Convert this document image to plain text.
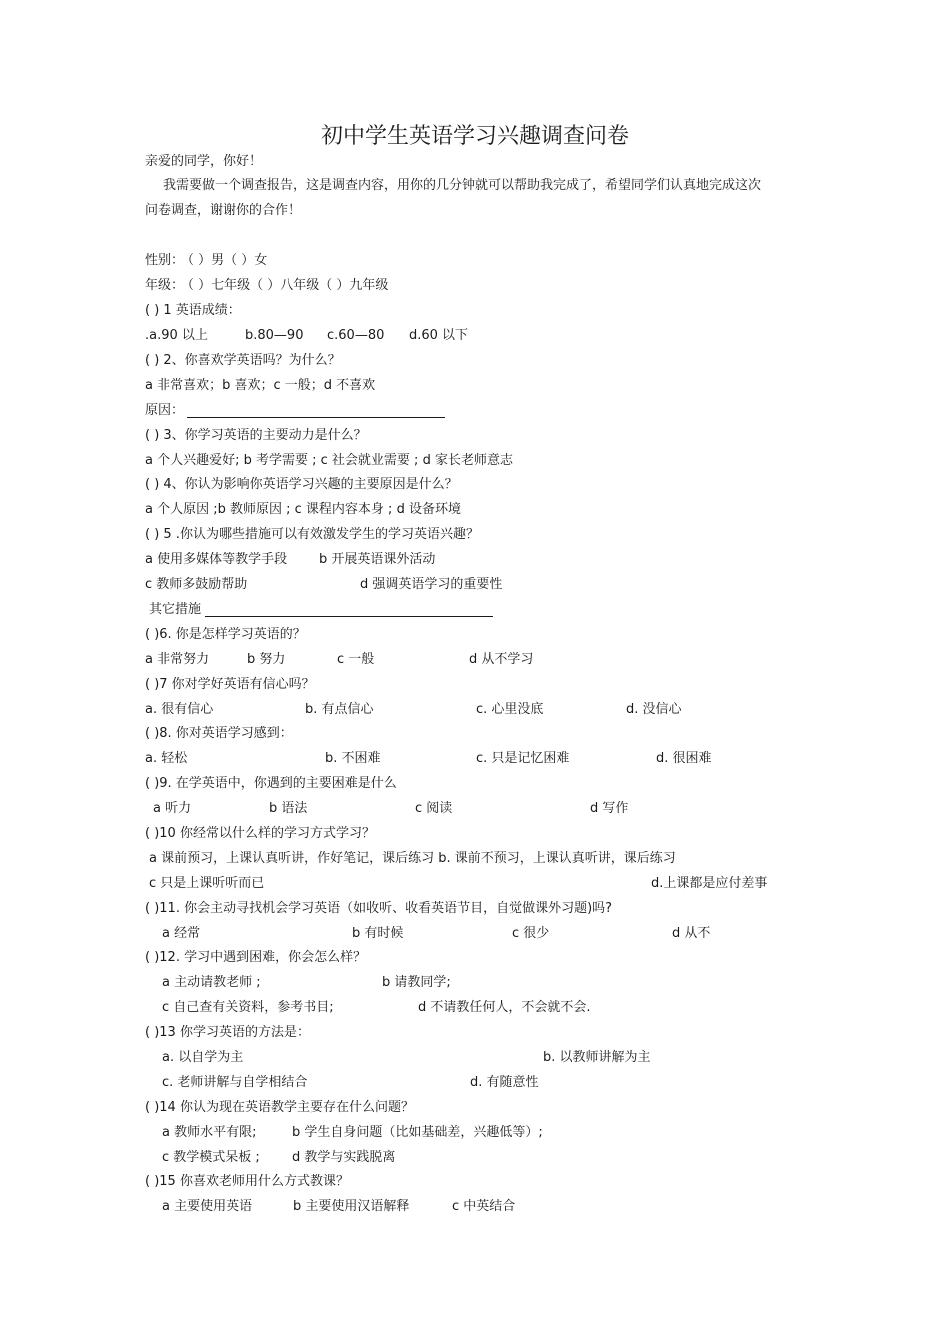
初中学生英语学习兴趣调查问卷
亲爱的同学，你好！
我需要做一个调查报告，这是调查内容，用你的几分钟就可以帮助我完成了，希望同学们认真地完成这次
问卷调查，谢谢你的合作！
性别：
（ ）男（ ）女
年级：
（ ）七年级（ ）八年级（ ）九年级
( ) 1 英语成绩：
.a.90 以上	b.80—90 c.60—80 d.60 以下
( ) 2、你喜欢学英语吗？为什么？
a 非常喜欢；b 喜欢；c 一般；d 不喜欢
原因：
( ) 3、你学习英语的主要动力是什么？
a 个人兴趣爱好; b 考学需要 ; c 社会就业需要 ; d 家长老师意志
( ) 4、你认为影响你英语学习兴趣的主要原因是什么？
a 个人原因 ;b 教师原因 ; c 课程内容本身 ; d 设备环境
( ) 5 .你认为哪些措施可以有效激发学生的学习英语兴趣？
a 使用多媒体等教学手段 b 开展英语课外活动
c 教师多鼓励帮助	d 强调英语学习的重要性
其它措施
( )6. 你是怎样学习英语的？
a 非常努力	b 努力	c 一般	d 从不学习
( )7 你对学好英语有信心吗？
a. 很有信心	b. 有点信心	c. 心里没底	d. 没信心
( )8. 你对英语学习感到：
a. 轻松	b. 不困难	c. 只是记忆困难	d. 很困难
( )9. 在学英语中，你遇到的主要困难是什么
a 听力	b 语法	c 阅读	d 写作
( )10 你经常以什么样的学习方式学习？
a 课前预习，上课认真听讲，作好笔记，课后练习 b. 课前不预习，上课认真听讲，课后练习
c 只是上课听听而已	d.上课都是应付差事
( )11. 你会主动寻找机会学习英语（如收听、收看英语节目，自觉做课外习题)吗?
a 经常	b 有时候	c 很少	d 从不
( )12. 学习中遇到困难，你会怎么样？
a 主动请教老师 ;	b 请教同学;
c 自己查有关资料，参考书目;	d 不请教任何人，不会就不会.
( )13 你学习英语的方法是：
a. 以自学为主	b. 以教师讲解为主
c. 老师讲解与自学相结合	d. 有随意性
( )14 你认为现在英语教学主要存在什么问题？
a 教师水平有限;	b 学生自身问题（比如基础差，兴趣低等）;
c 教学模式呆板 ; d 教学与实践脱离
( )15 你喜欢老师用什么方式教课？
a 主要使用英语	b 主要使用汉语解释	c 中英结合
